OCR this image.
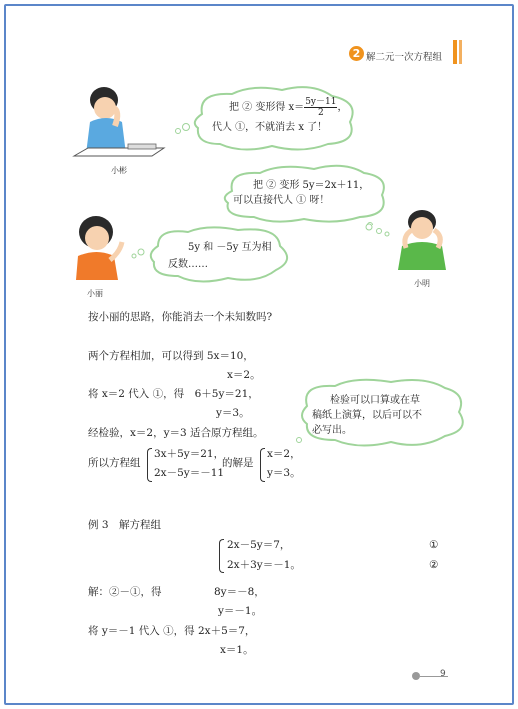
2 解二元一次方程组
小彬
把 ② 变形得 $x= \frac{5y-11}{2}$ ，
代人 ①，不就消去 x 了！
把 ② 变形 5y＝2x＋11，
可以直接代人 ① 呀！
小丽
5y 和 －5y 互为相
反数……
小明
按小丽的思路，你能消去一个未知数吗?
两个方程相加，可以得到 5x＝10，
x＝2。
将 x＝2 代入 ①，得　6＋5y＝21，
y＝3。
经检验，x＝2，y＝3 适合原方程组。
所以方程组
3x＋5y＝21，
2x－5y＝－11
的解是
x＝2，
y＝3。
检验可以口算或在草
稿纸上演算，以后可以不
必写出。
例 3　解方程组
2x－5y＝7，
2x＋3y＝－1。
①
②
解：②－①，得	8y＝－8，
y＝－1。
将 y＝－1 代入 ①，得 2x＋5＝7，
x＝1。
9
